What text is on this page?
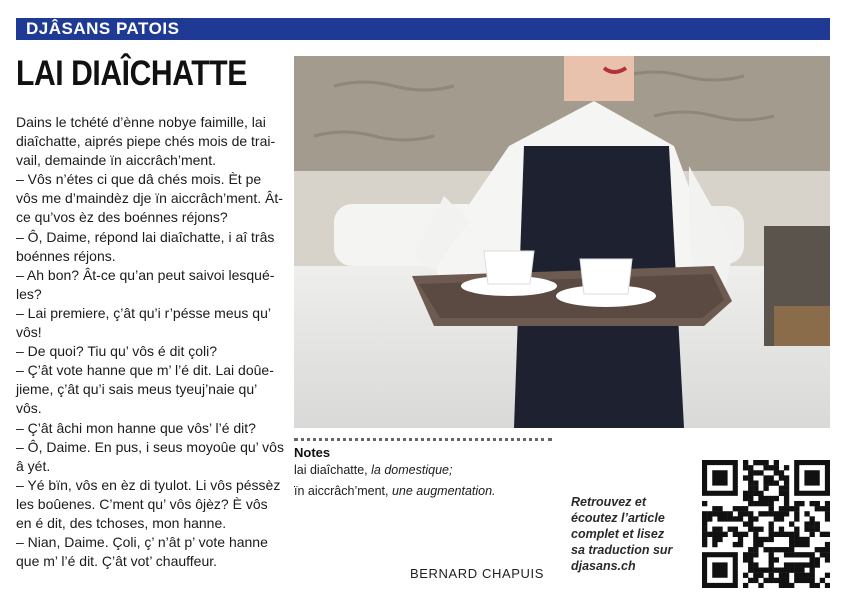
DJÂSANS PATOIS
LAI DIAÎCHATTE

Dains le tchété d’ènne nobye faimille, lai diaîchatte, aiprés piepe chés mois de trai-vail, demainde ïn aiccrâch’ment.

– Vôs n’étes ci que dâ chés mois. Èt pe vôs me d’maindèz dje ïn aiccrâch’ment. Ât-ce qu’vos èz des boénnes réjons?

– Ô, Daime, répond lai diaîchatte, i aî trâs boénnes réjons.

– Ah bon? Ât-ce qu’an peut saivoi lesqué-les?

– Lai premiere, ç’ât qu’i r’pésse meus qu’ vôs!

– De quoi? Tiu qu’ vôs é dit çoli?

– Ç’ât vote hanne que m’ l’é dit. Lai doûe-jieme, ç’ât qu’i sais meus tyeuj’naie qu’ vôs.

– Ç’ât âchi mon hanne que vôs’ l’é dit?

– Ô, Daime. En pus, i seus moyoûe qu’ vôs â yét.

– Yé bïn, vôs en èz di tyulot. Li vôs péssèz les boûenes. C’ment qu’ vôs ôjèz? È vôs en é dit, des tchoses, mon hanne.

– Nian, Daime. Çoli, ç’ n’ât p’ vote hanne que m’ l’é dit. Ç’ât vot’ chauffeur.

Notes
lai diaîchatte, la domestique;
ïn aiccrâch’ment, une augmentation.
BERNARD CHAPUIS
Retrouvez et
écoutez l’article
complet et lisez
sa traduction sur
djasans.ch
